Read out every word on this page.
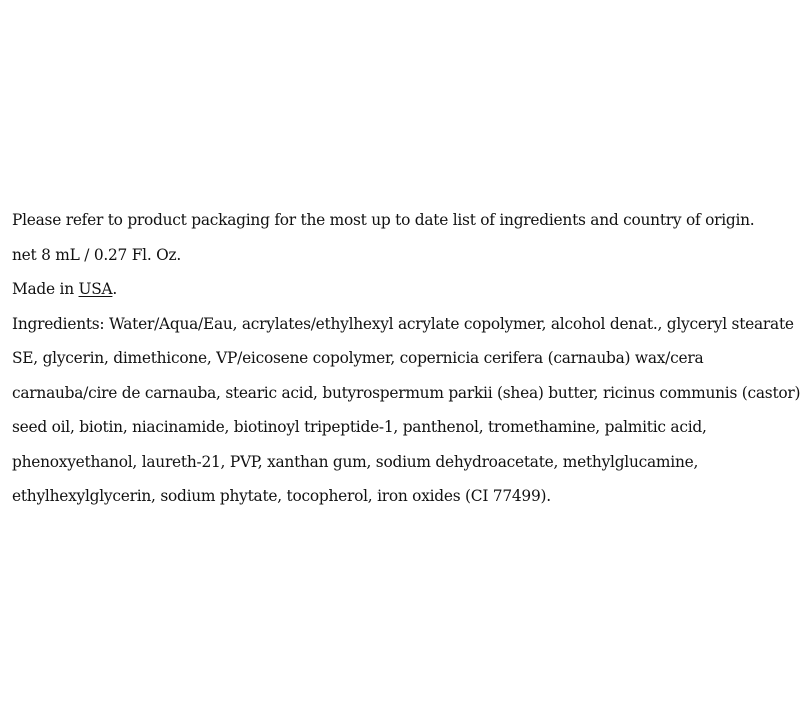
Please refer to product packaging for the most up to date list of ingredients and country of origin.

net 8 mL / 0.27 Fl. Oz.

Made in USA.

Ingredients: Water/Aqua/Eau, acrylates/ethylhexyl acrylate copolymer, alcohol denat., glyceryl stearate
SE, glycerin, dimethicone, VP/eicosene copolymer, copernicia cerifera (carnauba) wax/cera
carnauba/cire de carnauba, stearic acid, butyrospermum parkii (shea) butter, ricinus communis (castor)
seed oil, biotin, niacinamide, biotinoyl tripeptide-1, panthenol, tromethamine, palmitic acid,
phenoxyethanol, laureth-21, PVP, xanthan gum, sodium dehydroacetate, methylglucamine,
ethylhexylglycerin, sodium phytate, tocopherol, iron oxides (CI 77499).
